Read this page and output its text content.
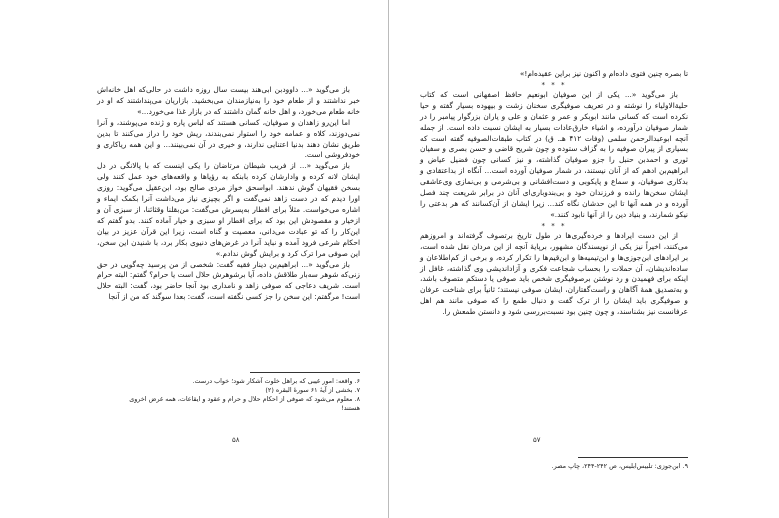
باز می‌گوید «... داوودبن ابی‌هند بیست سال روزه داشت در حالی‌که اهل خانه‌اش خبر نداشتند و از طعام خود را به‌نیازمندان می‌بخشید. بازاریان می‌پنداشتند که او در خانه طعام می‌خورد، و اهل خانه گمان داشتند که در بازار غذا می‌خورد...»

اما این‌رو زاهدان و صوفیان، کسانی هستند که لباس پاره و ژنده می‌پوشند، و آنرا نمی‌دوزند، کلاه و عمامه خود را استوار نمی‌بندند، ریش خود را دراز می‌کنند تا بدین طریق نشان دهند بدنیا اعتنایی ندارند، و خیری در آن نمی‌بینند... و این همه ریاکاری و خودفروشی است.

باز می‌گوید «... از فریب شیطان مرتاضان را یکی اینست که با پالانگی در دل ایشان لانه کرده و وادارشان کرده بابنکه به رؤیاها و واقعه‌های خود عمل کنند ولی بسخن فقیهان گوش ندهند. ابواسحق خواز مردی صالح بود، ابن‌عقیل می‌گوید: روزی اورا دیدم که در دست زاهد نمی‌گفت و اگر بچیزی نیاز می‌داشت آنرا بکمک ایماء و اشاره می‌خواست. مثلاً برای افطار به‌پسرش می‌گفت: من‌بقلنا وقثائنا، از سبزی آن و ازخیار و مقصودش این بود که برای افطار او سبزی و خیار آماده کنند. بدو گفتم که این‌کار را که تو عبادت می‌دانی، معصیت و گناه است، زیرا این قرآن عزیز در بیان احکام شرعی فرود آمده و نباید آنرا در غرض‌های دنیوی بکار برد، با شنیدن این سخن، این صوفی مرا ترک کرد و برایش گوش ندادم.»

باز می‌گوید «... ابراهیم‌بن دینار فقیه گفت: شخصی از من پرسید چه‌گویی در حق زنی‌که شوهر سه‌بار طلاقش داده، آیا برشوهرش حلال است یا حرام؟ گفتم: البته حرام است. شریف دعاجی که صوفی زاهد و نامداری بود آنجا حاضر بود، گفت: البته حلال است! مرگفتم: این سخن را جز کسی نگفته است، گفت: بعدا سوگند که من از آنجا

۶. واقعه: امور غیبی که براهل خلوت آشکار شود؛ خواب درست.

۷. بخشی از آیهٔ ۶۱ سورهٔ البقره (۲)

۸. معلوم می‌شود که صوفی از احکام حلال و حرام و عقود و ایقاعات، همه غرض اخروی هستند!

۵۸

تا بصره چنین فتوی داده‌ام و اکنون نیز براین عقیده‌ام!»

* * *

باز می‌گوید «... یکی از این صوفیان ابونعیم حافظ اصفهانی است که کتاب حلیةالاولیاء را نوشته و در تعریف صوفیگری سخنان زشت و بیهوده بسیار گفته و حیا نکرده است که کسانی مانند ابوبکر و عمر و عثمان و علی و یاران بزرگوار پیامبر را در شمار صوفیان درآورده، و اشیاء خارق‌عادات بسیار به ایشان نسبت داده است. از جمله آنچه ابوعبدالرحمن سلمی (وفات ۴۱۲ هـ. ق) در کتاب طبقات‌الصوفیه گفته است که بسیاری از پیران صوفیه را به گزاف ستوده و چون شریح قاضی و حسن بصری و سفیان ثوری و احمدبن حنبل را جزو صوفیان گذاشته، و نیز کسانی چون فضیل عیاض و ابراهیم‌بن ادهم که از آنان نیستند، در شمار صوفیان آورده است... آنگاه از بداعتقادی و بدکاری صوفیان، و سماع و پایکوبی و دست‌افشانی و بی‌شرمی و بی‌نمازی وی‌عاشقی ایشان سخن‌ها رانده و فرزندان خود و بی‌بندوباری‌ای آنان در برابر شریعت چند فصل آورده و در همه آنها تا این حدشان نگاه کند... زیرا ایشان از آن‌کسانند که هر بدعتی را نیکو شمارند، و بنیاد دین را از آنها نابود کنند.»

* * *

از این دست ایرادها و خرده‌گیری‌ها در طول تاریخ برتصوف گرفته‌اند و امروزهم می‌کنند، اخیراً نیز یکی از نویسندگان مشهور، برپایهٔ آنچه از این مردان نقل شده است، بر ایرادهای ابن‌جوزی‌ها و ابن‌تیمیه‌ها و ابن‌قیم‌ها را تکرار کرده، و برخی از کم‌اطلاعان و ساده‌اندیشان، آن حملات را بحساب شجاعت فکری و آزاداندیشی وی گذاشته، غافل از اینکه برای فهمیدن و رد نوشتن برصوفیگری شخص باید صوفی یا دستکم متصوف باشد، و به‌تصدیق همهٔ آگاهان و راست‌گفتاران، ایشان صوفی نیستند؛ ثانیاً برای شناخت عرفان و صوفیگری باید ایشان را از ترک گفت و دنبال طمع را که صوفی مانند هم اهل عرفانست نیز بشناسند، و چون چنین بود نسبت‌بررسی شود و دانستن طمعش را.

۹. ابن‌جوزی: تلبیس‌ابلیس، ص ۲۴۲-۲۴۴، چاپ مصر.

۵۷
